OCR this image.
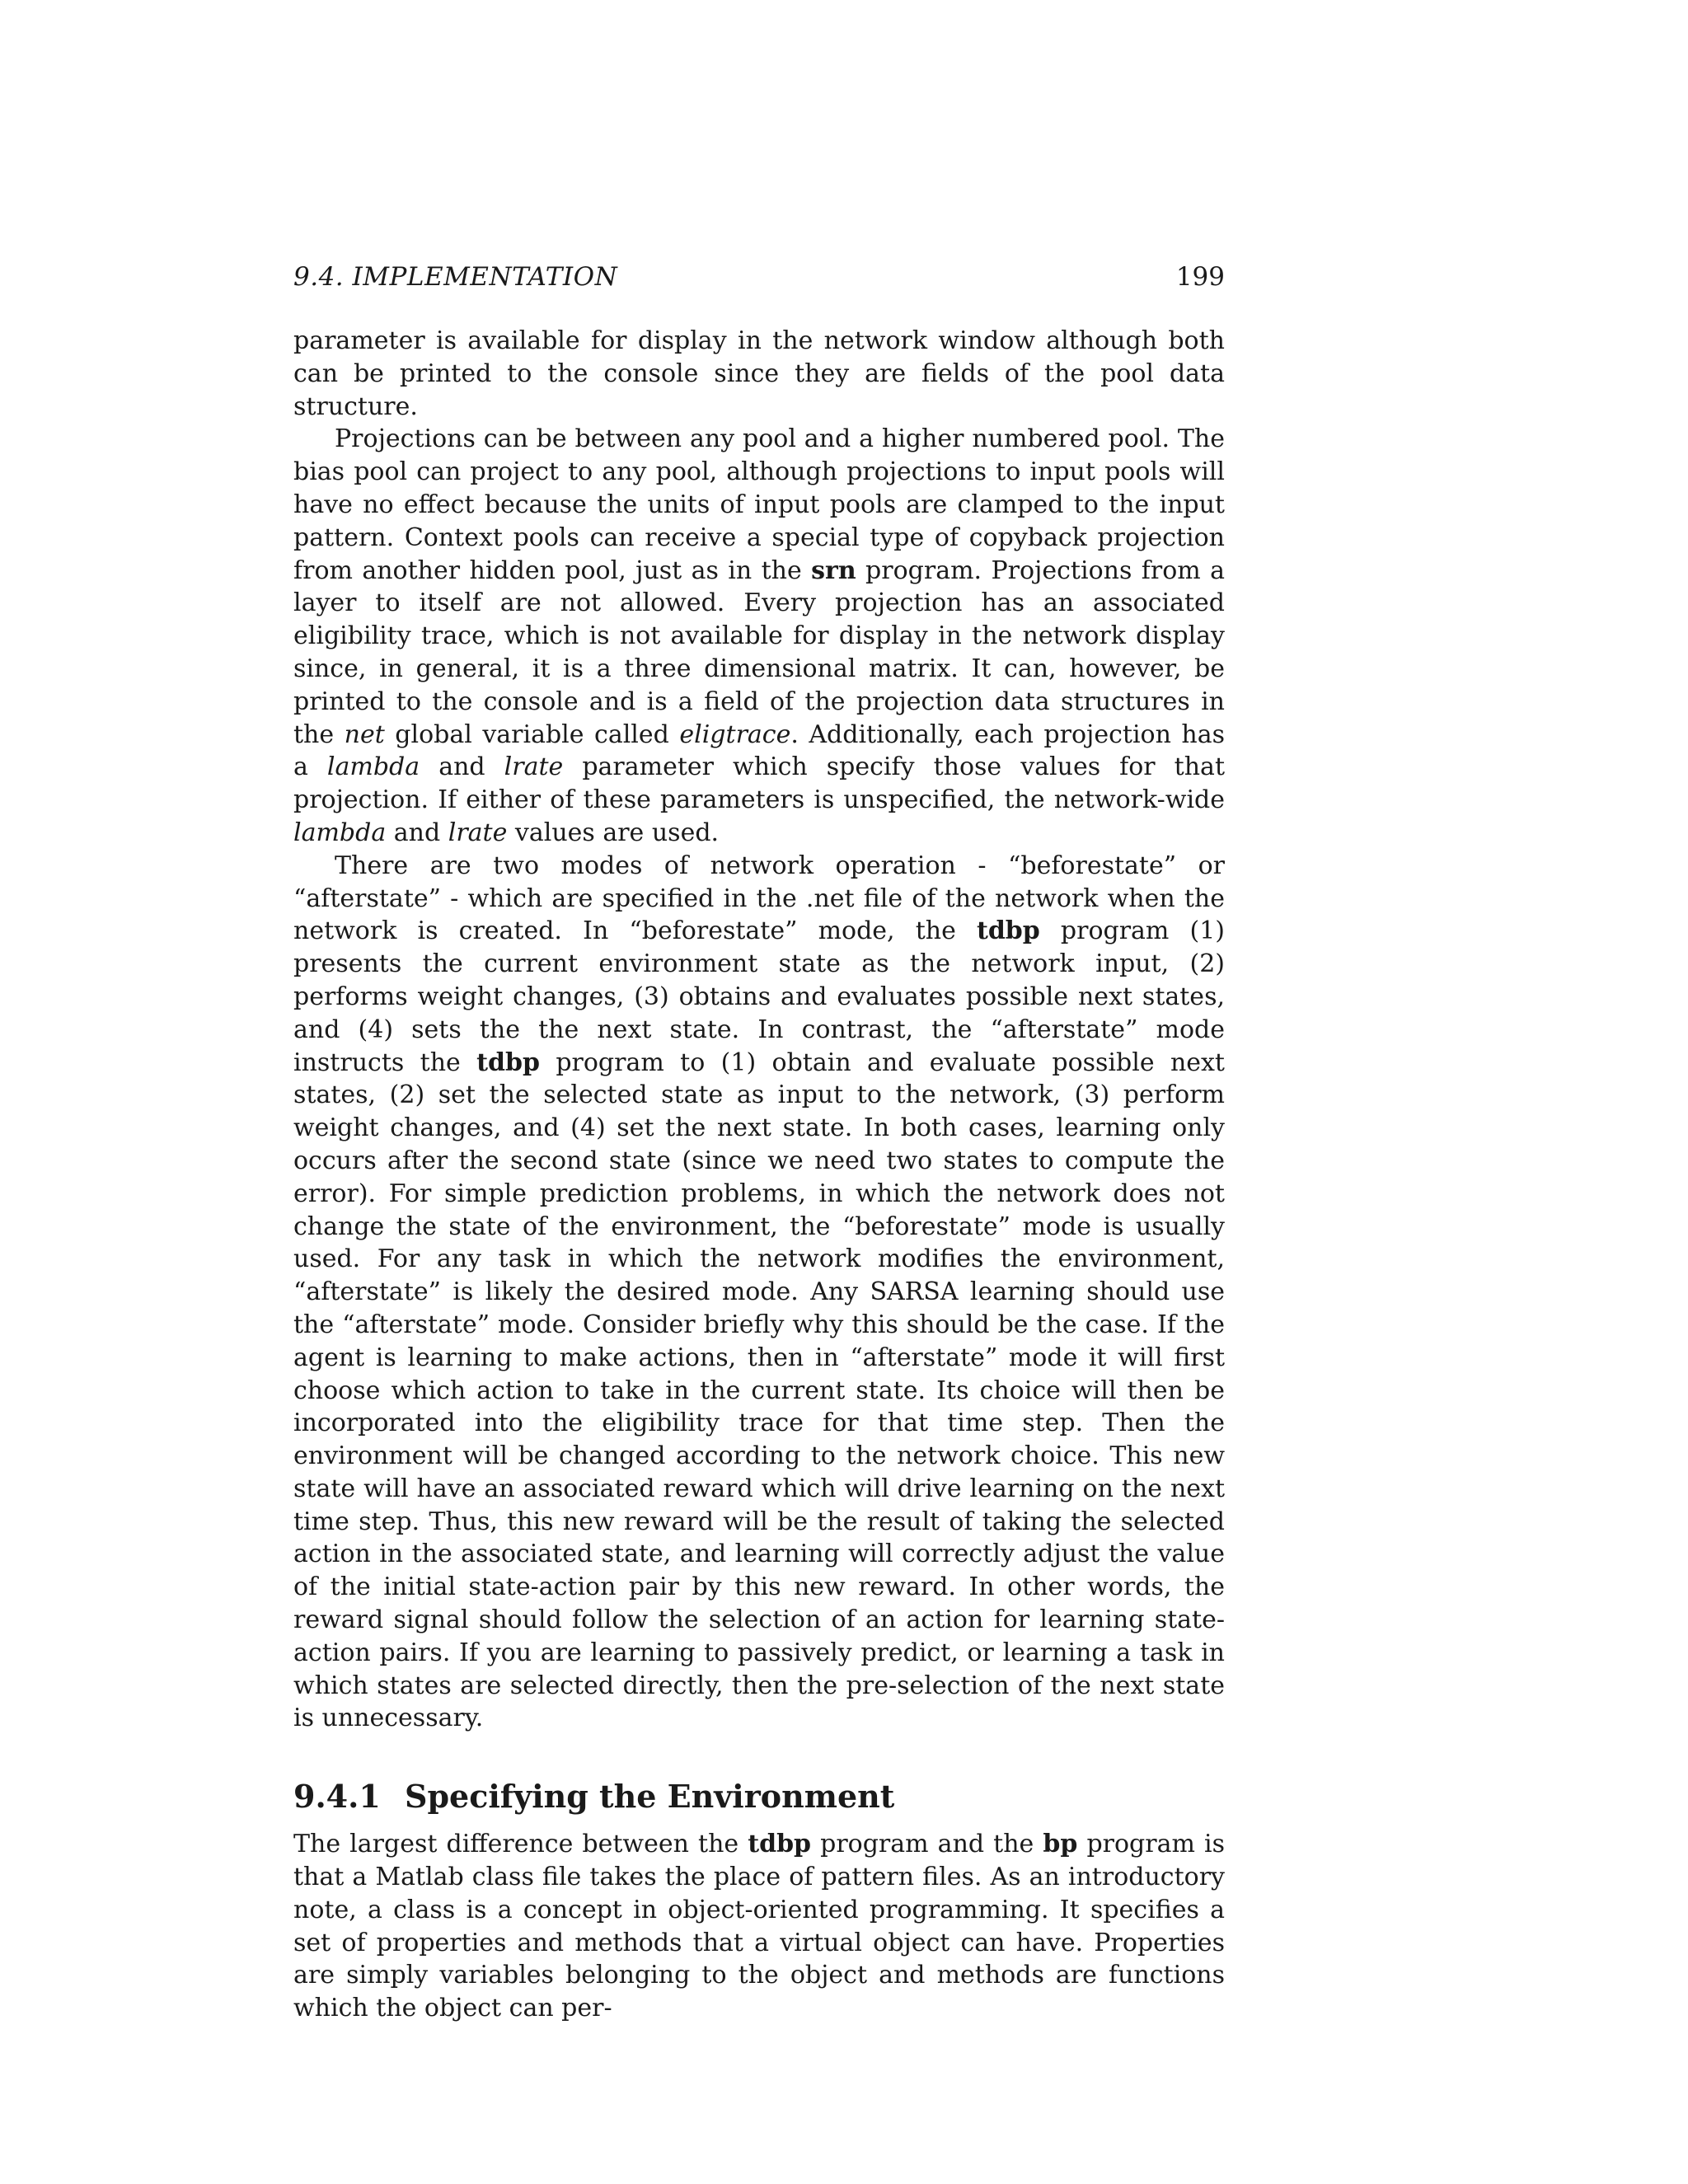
9.4. IMPLEMENTATION	199

parameter is available for display in the network window although both can be printed to the console since they are fields of the pool data structure.

Projections can be between any pool and a higher numbered pool. The bias pool can project to any pool, although projections to input pools will have no effect because the units of input pools are clamped to the input pattern. Context pools can receive a special type of copyback projection from another hidden pool, just as in the srn program. Projections from a layer to itself are not allowed. Every projection has an associated eligibility trace, which is not available for display in the network display since, in general, it is a three dimensional matrix. It can, however, be printed to the console and is a field of the projection data structures in the net global variable called eligtrace. Additionally, each projection has a lambda and lrate parameter which specify those values for that projection. If either of these parameters is unspecified, the network-wide lambda and lrate values are used.

There are two modes of network operation - “beforestate” or “afterstate” - which are specified in the .net file of the network when the network is created. In “beforestate” mode, the tdbp program (1) presents the current environment state as the network input, (2) performs weight changes, (3) obtains and evaluates possible next states, and (4) sets the the next state. In contrast, the “afterstate” mode instructs the tdbp program to (1) obtain and evaluate possible next states, (2) set the selected state as input to the network, (3) perform weight changes, and (4) set the next state. In both cases, learning only occurs after the second state (since we need two states to compute the error). For simple prediction problems, in which the network does not change the state of the environment, the “beforestate” mode is usually used. For any task in which the network modifies the environment, “afterstate” is likely the desired mode. Any SARSA learning should use the “afterstate” mode. Consider briefly why this should be the case. If the agent is learning to make actions, then in “afterstate” mode it will first choose which action to take in the current state. Its choice will then be incorporated into the eligibility trace for that time step. Then the environment will be changed according to the network choice. This new state will have an associated reward which will drive learning on the next time step. Thus, this new reward will be the result of taking the selected action in the associated state, and learning will correctly adjust the value of the initial state-action pair by this new reward. In other words, the reward signal should follow the selection of an action for learning state-action pairs. If you are learning to passively predict, or learning a task in which states are selected directly, then the pre-selection of the next state is unnecessary.

9.4.1 Specifying the Environment

The largest difference between the tdbp program and the bp program is that a Matlab class file takes the place of pattern files. As an introductory note, a class is a concept in object-oriented programming. It specifies a set of properties and methods that a virtual object can have. Properties are simply variables belonging to the object and methods are functions which the object can per-
